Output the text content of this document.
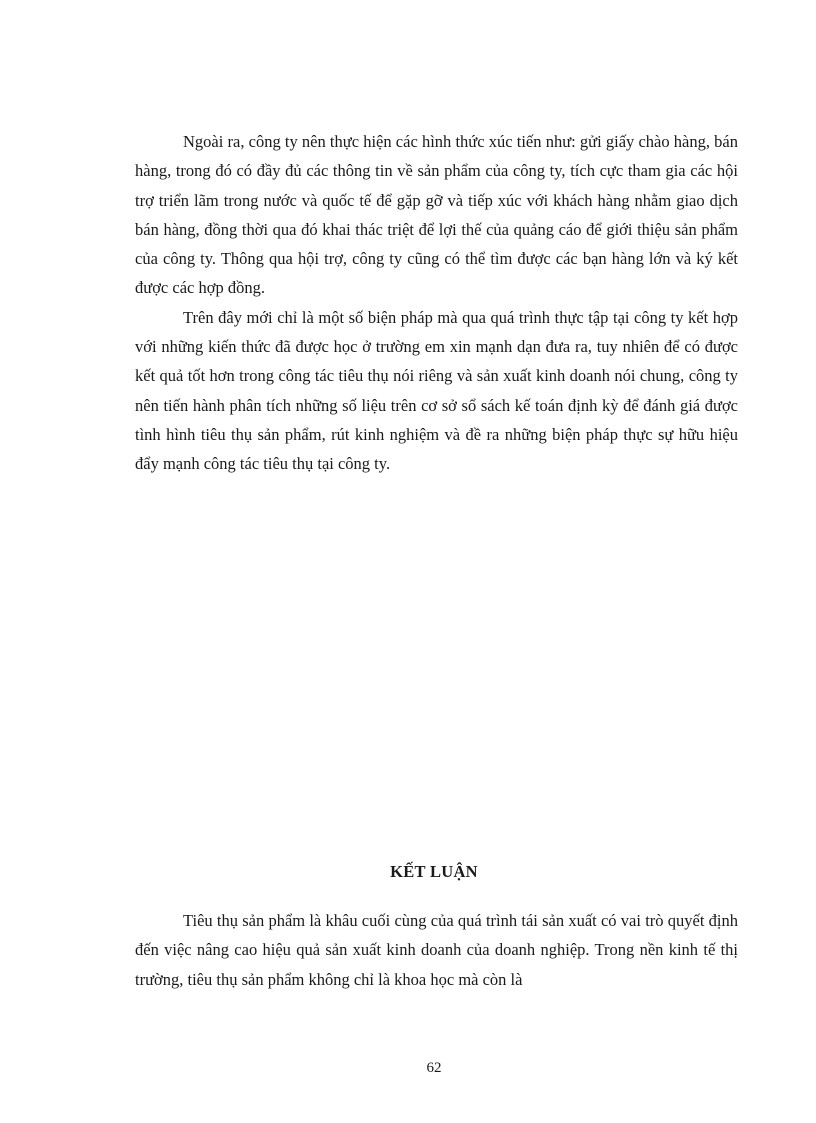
Ngoài ra, công ty nên thực hiện các hình thức xúc tiến như: gửi giấy chào hàng, bán hàng, trong đó có đầy đủ các thông tin về sản phẩm của công ty, tích cực tham gia các hội trợ triển lãm trong nước và quốc tế để gặp gỡ và tiếp xúc với khách hàng nhằm giao dịch bán hàng, đồng thời qua đó khai thác triệt để lợi thế của quảng cáo để giới thiệu sản phẩm của công ty. Thông qua hội trợ, công ty cũng có thể tìm được các bạn hàng lớn và ký kết được các hợp đồng.

Trên đây mới chỉ là một số biện pháp mà qua quá trình thực tập tại công ty kết hợp với những kiến thức đã được học ở trường em xin mạnh dạn đưa ra, tuy nhiên để có được kết quả tốt hơn trong công tác tiêu thụ nói riêng và sản xuất kinh doanh nói chung, công ty nên tiến hành phân tích những số liệu trên cơ sở sổ sách kế toán định kỳ để đánh giá được tình hình tiêu thụ sản phẩm, rút kinh nghiệm và đề ra những biện pháp thực sự hữu hiệu đẩy mạnh công tác tiêu thụ tại công ty.

KẾT LUẬN

Tiêu thụ sản phẩm là khâu cuối cùng của quá trình tái sản xuất có vai trò quyết định đến việc nâng cao hiệu quả sản xuất kinh doanh của doanh nghiệp. Trong nền kinh tế thị trường, tiêu thụ sản phẩm không chỉ là khoa học mà còn là

62
